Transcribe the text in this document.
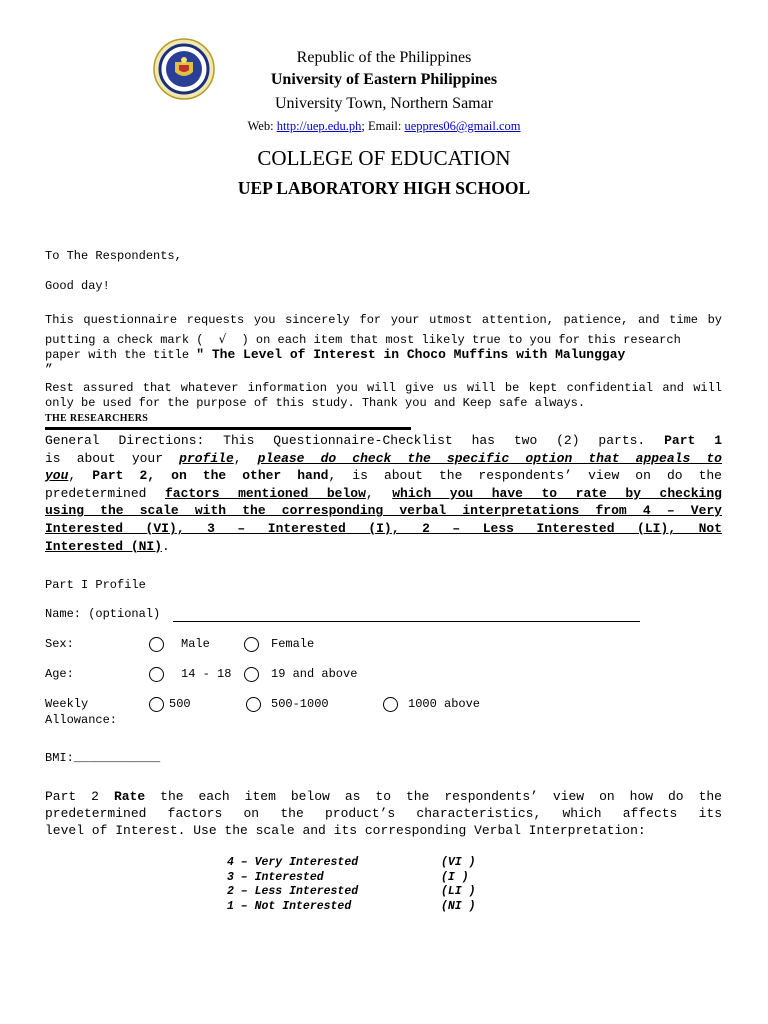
Republic of the Philippines
University of Eastern Philippines
University Town, Northern Samar
Web: http://uep.edu.ph; Email: ueppres06@gmail.com
COLLEGE OF EDUCATION
UEP LABORATORY HIGH SCHOOL
To The Respondents,
Good day!
This questionnaire requests you sincerely for your utmost attention, patience, and time by
putting a check mark ( √ ) on each item that most likely true to you for this research
paper with the title " The Level of Interest in Choco Muffins with Malunggay
”
Rest assured that whatever information you will give us will be kept confidential and will
only be used for the purpose of this study. Thank you and Keep safe always.
THE RESEARCHERS
General Directions: This Questionnaire-Checklist has two (2) parts. Part 1
is about your profile, please do check the specific option that appeals to
you, Part 2, on the other hand, is about the respondents’ view on do the
predetermined factors mentioned below, which you have to rate by checking
using the scale with the corresponding verbal interpretations from 4 – Very
Interested (VI), 3 – Interested (I), 2 – Less Interested (LI), Not
Interested (NI).
Part I Profile
Name: (optional)
Sex:	Male	Female
Age:	14 - 18	19 and above
Weekly
Allowance:
500	500-1000	1000 above
BMI:____________
Part 2 Rate the each item below as to the respondents’ view on how do the
predetermined factors on the product’s characteristics, which affects its
level of Interest. Use the scale and its corresponding Verbal Interpretation:
4 – Very Interested	(VI )
3 – Interested	(I )
2 – Less Interested	(LI )
1 – Not Interested	(NI )
